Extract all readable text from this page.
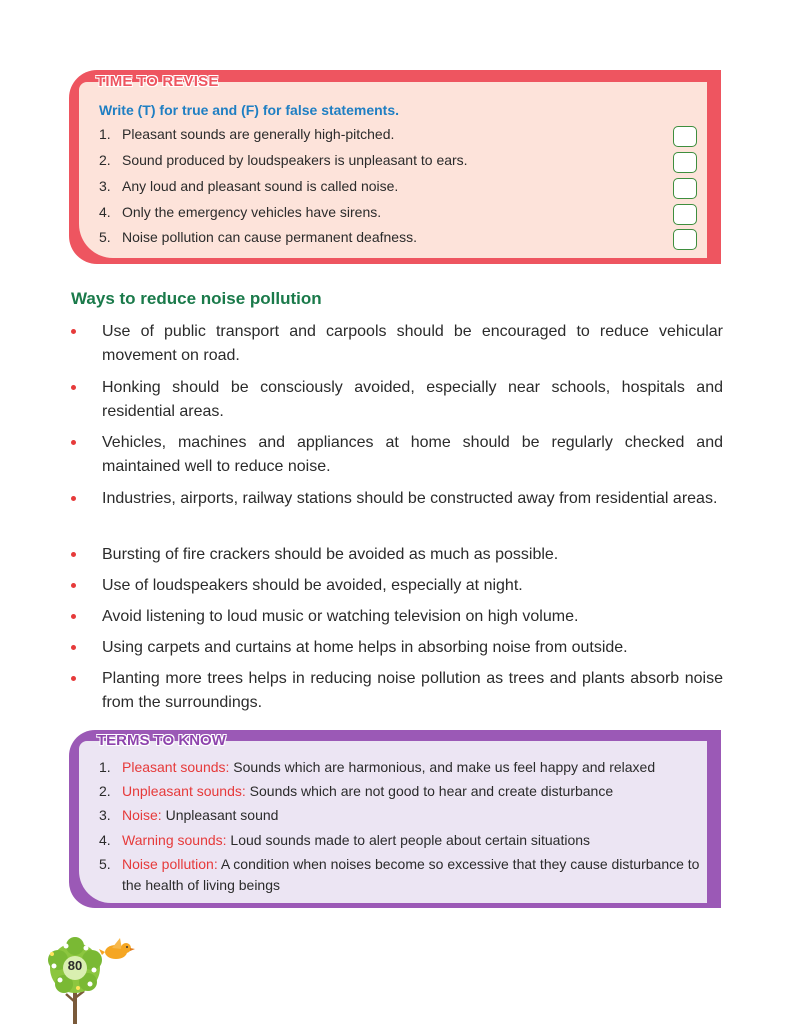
TIME TO REVISE
Write (T) for true and (F) for false statements.
1. Pleasant sounds are generally high-pitched.
2. Sound produced by loudspeakers is unpleasant to ears.
3. Any loud and pleasant sound is called noise.
4. Only the emergency vehicles have sirens.
5. Noise pollution can cause permanent deafness.
Ways to reduce noise pollution
Use of public transport and carpools should be encouraged to reduce vehicular movement on road.
Honking should be consciously avoided, especially near schools, hospitals and residential areas.
Vehicles, machines and appliances at home should be regularly checked and maintained well to reduce noise.
Industries, airports, railway stations should be constructed away from residential areas.
Bursting of fire crackers should be avoided as much as possible.
Use of loudspeakers should be avoided, especially at night.
Avoid listening to loud music or watching television on high volume.
Using carpets and curtains at home helps in absorbing noise from outside.
Planting more trees helps in reducing noise pollution as trees and plants absorb noise from the surroundings.
TERMS TO KNOW
1. Pleasant sounds: Sounds which are harmonious, and make us feel happy and relaxed
2. Unpleasant sounds: Sounds which are not good to hear and create disturbance
3. Noise: Unpleasant sound
4. Warning sounds: Loud sounds made to alert people about certain situations
5. Noise pollution: A condition when noises become so excessive that they cause disturbance to the health of living beings
80
